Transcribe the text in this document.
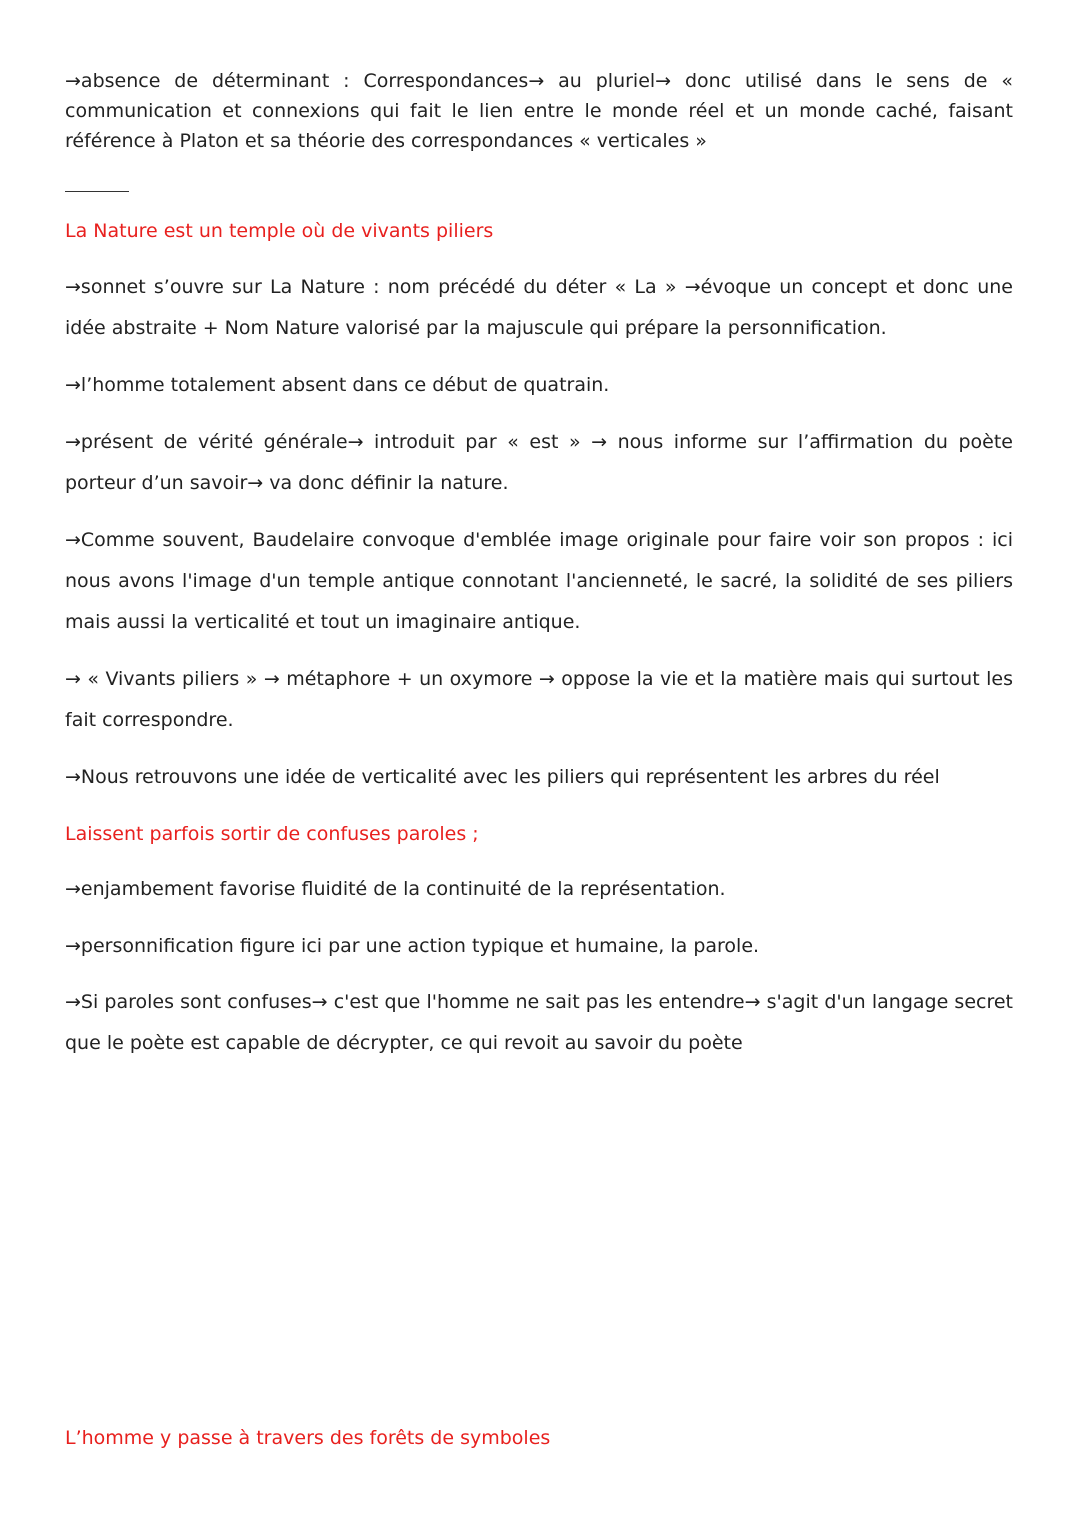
→absence de déterminant : Correspondances→ au pluriel→ donc utilisé dans le sens de « communication et connexions qui fait le lien entre le monde réel et un monde caché, faisant référence à Platon et sa théorie des correspondances « verticales »

La Nature est un temple où de vivants piliers

→sonnet s’ouvre sur La Nature : nom précédé du déter « La » →évoque un concept et donc une idée abstraite + Nom Nature valorisé par la majuscule qui prépare la personnification.

→l’homme totalement absent dans ce début de quatrain.

→présent de vérité générale→ introduit par « est » → nous informe sur l’affirmation du poète porteur d’un savoir→ va donc définir la nature.

→Comme souvent, Baudelaire convoque d'emblée image originale pour faire voir son propos : ici nous avons l'image d'un temple antique connotant l'ancienneté, le sacré, la solidité de ses piliers mais aussi la verticalité et tout un imaginaire antique.

→ « Vivants piliers » → métaphore + un oxymore → oppose la vie et la matière mais qui surtout les fait correspondre.

→Nous retrouvons une idée de verticalité avec les piliers qui représentent les arbres du réel

Laissent parfois sortir de confuses paroles ;

→enjambement favorise fluidité de la continuité de la représentation.

→personnification figure ici par une action typique et humaine, la parole.

→Si paroles sont confuses→ c'est que l'homme ne sait pas les entendre→ s'agit d'un langage secret que le poète est capable de décrypter, ce qui revoit au savoir du poète

L’homme y passe à travers des forêts de symboles
